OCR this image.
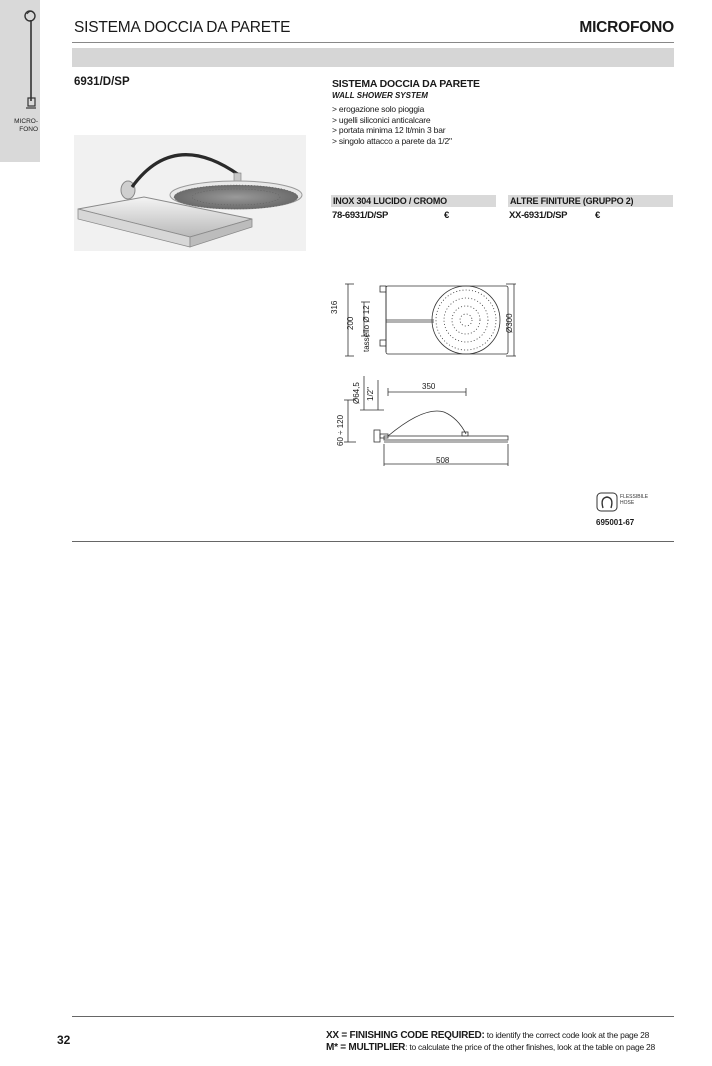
MICRO-
FONO
SISTEMA DOCCIA DA PARETE	MICROFONO
6931/D/SP	SISTEMA DOCCIA DA PARETE
WALL SHOWER SYSTEM
> erogazione solo pioggia
> ugelli siliconici anticalcare
> portata minima 12 lt/min 3 bar
> singolo attacco a parete da 1/2"
INOX 304 LUCIDO / CROMO	ALTRE FINITURE (GRUPPO 2)
78-6931/D/SP	€	XX-6931/D/SP	€
316
200 tassello Ø 12	Ø300
Ø64,5 1/2"
60 ÷ 120
350
508
FLESSIBILE
HOSE
695001-67
32	XX = FINISHING CODE REQUIRED: to identify the correct code look at the page 28
M* = MULTIPLIER: to calculate the price of the other finishes, look at the table on page 28
